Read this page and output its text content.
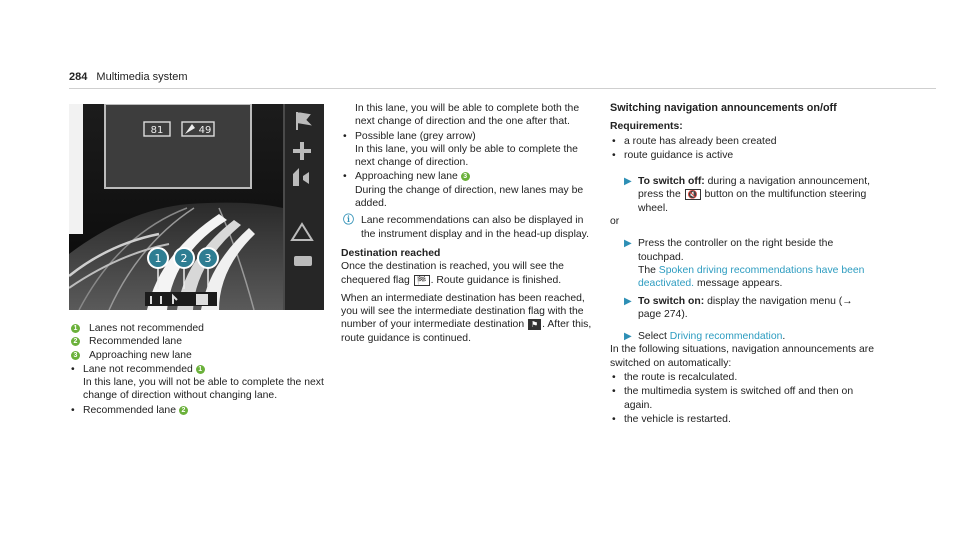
284 Multimedia system
81	49
1 2 3
1 Lanes not recommended
2 Recommended lane
3 Approaching new lane
• Lane not recommended 1
In this lane, you will not be able to complete the next change of direction without changing lane.
• Recommended lane 2
In this lane, you will be able to complete both the next change of direction and the one after that.
• Possible lane (grey arrow)
In this lane, you will only be able to complete the next change of direction.
• Approaching new lane 3
During the change of direction, new lanes may be added.
ⓘ Lane recommendations can also be displayed in the instrument display and in the head-up display.
Destination reached
Once the destination is reached, you will see the chequered flag 🏁 . Route guidance is finished.
When an intermediate destination has been reached, you will see the intermediate destination flag with the number of your intermediate destination ⚑ . After this, route guidance is continued.
Switching navigation announcements on/off
Requirements:
• a route has already been created
• route guidance is active
▶ To switch off: during a navigation announcement, press the 🔇 button on the multifunction steering wheel.
or
▶ Press the controller on the right beside the touchpad.
The Spoken driving recommendations have been deactivated. message appears.
▶ To switch on: display the navigation menu (→ page 274).
▶ Select Driving recommendation.
In the following situations, navigation announcements are switched on automatically:
• the route is recalculated.
• the multimedia system is switched off and then on again.
• the vehicle is restarted.
